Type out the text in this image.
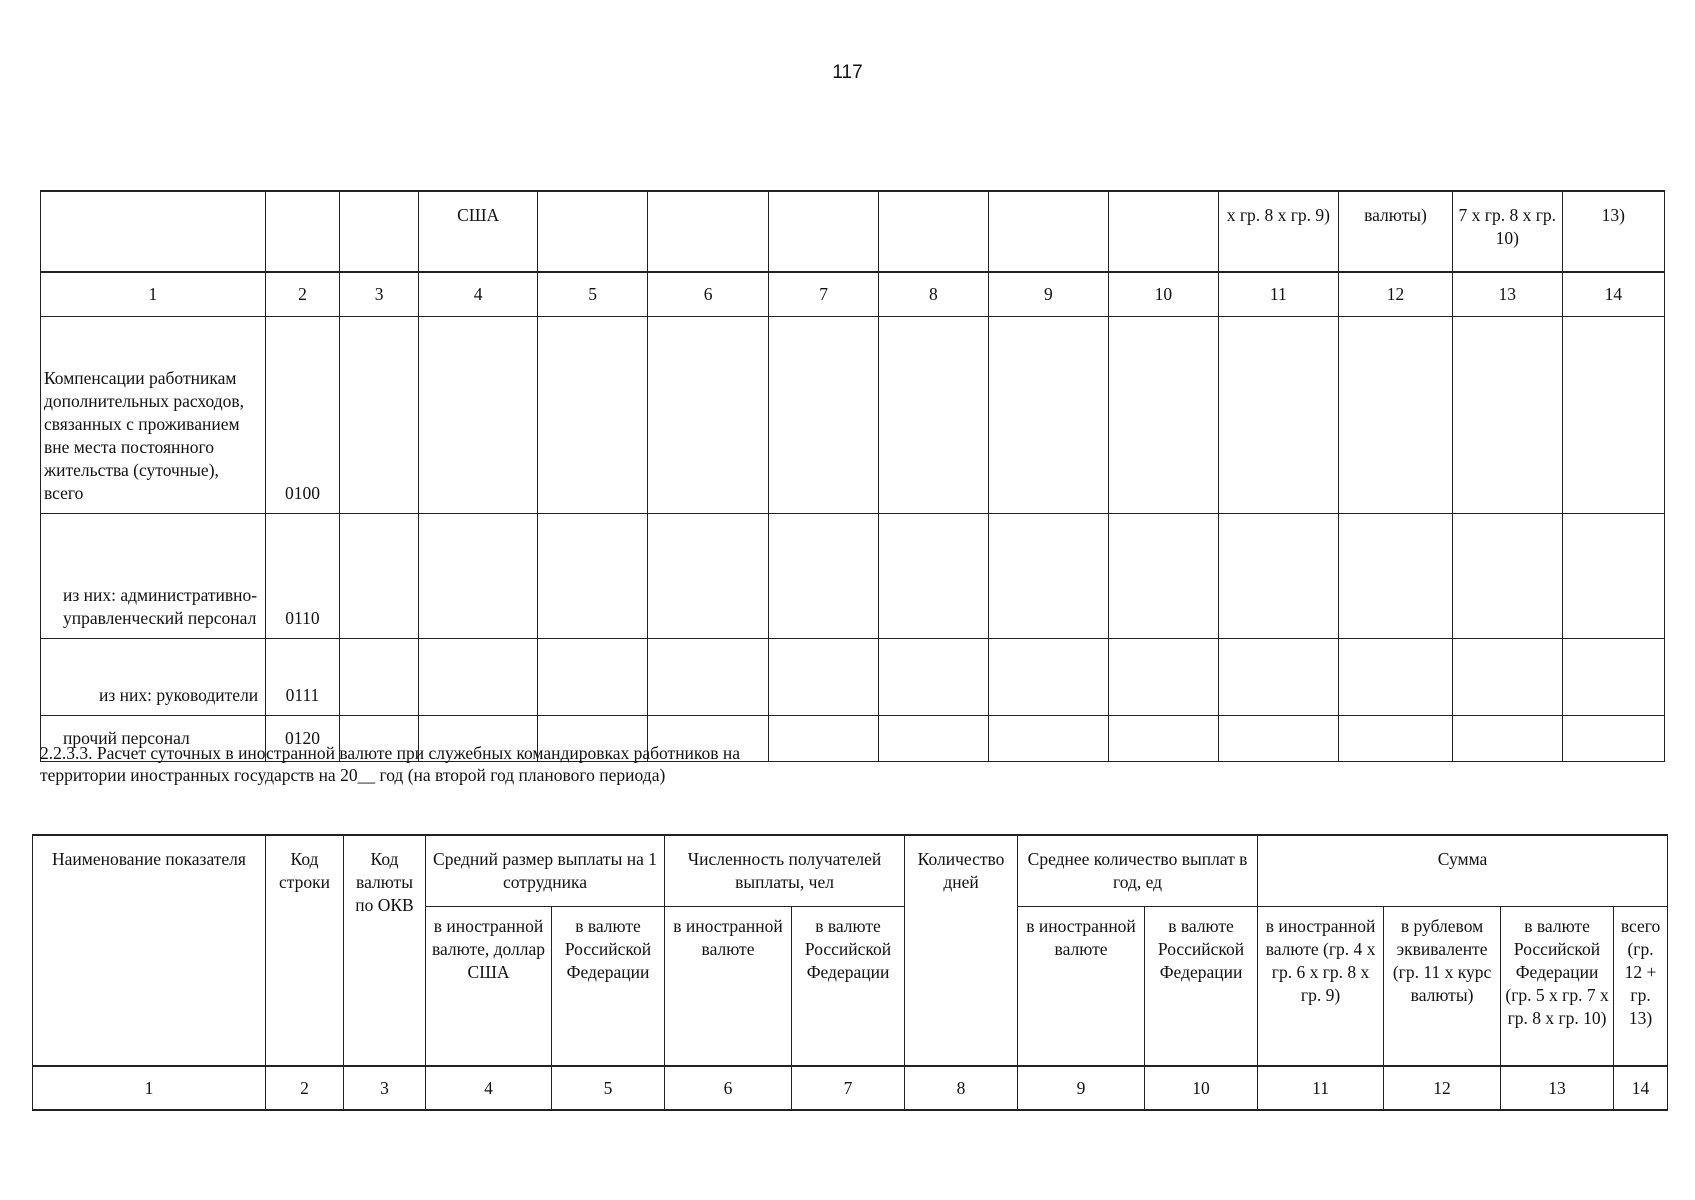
117
			США							х гр. 8 х гр. 9)	валюты)	7 х гр. 8 х гр. 10)	13)
1	2	3	4	5	6	7	8	9	10	11	12	13	14
Компенсации работникам дополнительных расходов, связанных с проживанием вне места постоянного жительства (суточные), всего	0100												
из них: административно-управленческий персонал	0110												
из них: руководители	0111												
прочий персонал	0120												
2.2.3.3. Расчет суточных в иностранной валюте при служебных командировках работников на территории иностранных государств на 20__ год (на второй год планового периода)
Наименование показателя	Код строки	Код валюты по ОКВ	Средний размер выплаты на 1 сотрудника		Численность получателей выплаты, чел		Количество дней	Среднее количество выплат в год, ед		Сумма			
			в иностранной валюте, доллар США	в валюте Российской Федерации	в иностранной валюте	в валюте Российской Федерации		в иностранной валюте	в валюте Российской Федерации	в иностранной валюте (гр. 4 х гр. 6 х гр. 8 х гр. 9)	в рублевом эквиваленте (гр. 11 х курс валюты)	в валюте Российской Федерации (гр. 5 х гр. 7 х гр. 8 х гр. 10)	всего (гр. 12 + гр. 13)
1	2	3	4	5	6	7	8	9	10	11	12	13	14
